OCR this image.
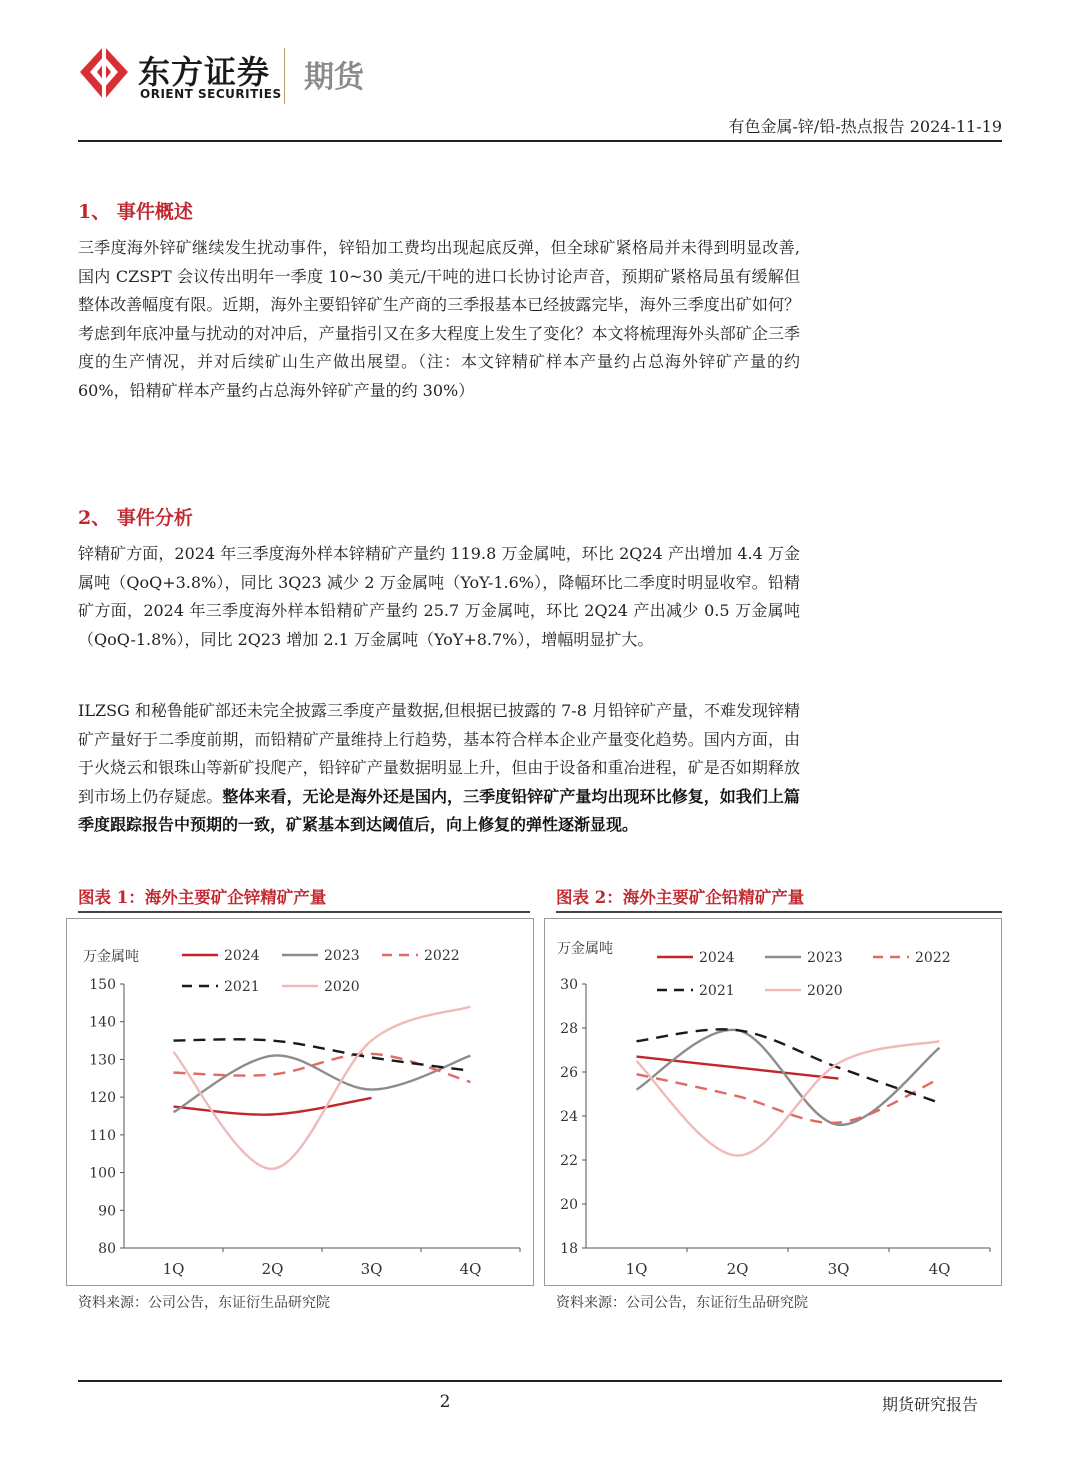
东方证券
ORIENT SECURITIES 期货
有色金属-锌/铅-热点报告 2024-11-19
1、 事件概述
三季度海外锌矿继续发生扰动事件，锌铅加工费均出现起底反弹，但全球矿紧格局并未得到明显改善,国内 CZSPT 会议传出明年一季度 10~30 美元/干吨的进口长协讨论声音，预期矿紧格局虽有缓解但整体改善幅度有限。近期，海外主要铅锌矿生产商的三季报基本已经披露完毕，海外三季度出矿如何？考虑到年底冲量与扰动的对冲后，产量指引又在多大程度上发生了变化？本文将梳理海外头部矿企三季度的生产情况，并对后续矿山生产做出展望。（注：本文锌精矿样本产量约占总海外锌矿产量的约 60%，铅精矿样本产量约占总海外锌矿产量的约 30%）
2、 事件分析
锌精矿方面，2024 年三季度海外样本锌精矿产量约 119.8 万金属吨，环比 2Q24 产出增加 4.4 万金属吨（QoQ+3.8%），同比 3Q23 减少 2 万金属吨（YoY-1.6%），降幅环比二季度时明显收窄。铅精矿方面，2024 年三季度海外样本铅精矿产量约 25.7 万金属吨，环比 2Q24 产出减少 0.5 万金属吨（QoQ-1.8%），同比 2Q23 增加 2.1 万金属吨（YoY+8.7%），增幅明显扩大。
ILZSG 和秘鲁能矿部还未完全披露三季度产量数据,但根据已披露的 7-8 月铅锌矿产量，不难发现锌精矿产量好于二季度前期，而铅精矿产量维持上行趋势，基本符合样本企业产量变化趋势。国内方面，由于火烧云和银珠山等新矿投爬产，铅锌矿产量数据明显上升，但由于设备和重冶进程，矿是否如期释放到市场上仍存疑虑。整体来看，无论是海外还是国内，三季度铅锌矿产量均出现环比修复，如我们上篇季度跟踪报告中预期的一致，矿紧基本到达阈值后，向上修复的弹性逐渐显现。
图表 1：海外主要矿企锌精矿产量
万金属吨
80
90
100
110
120
130
140
150
1Q	2Q	3Q	4Q
2024	2023	2022
2021	2020
资料来源：公司公告，东证衍生品研究院
图表 2：海外主要矿企铅精矿产量
万金属吨
18
20
22
24
26
28
30
1Q	2Q	3Q	4Q
2024	2023	2022
2021	2020
资料来源：公司公告，东证衍生品研究院
2	期货研究报告
